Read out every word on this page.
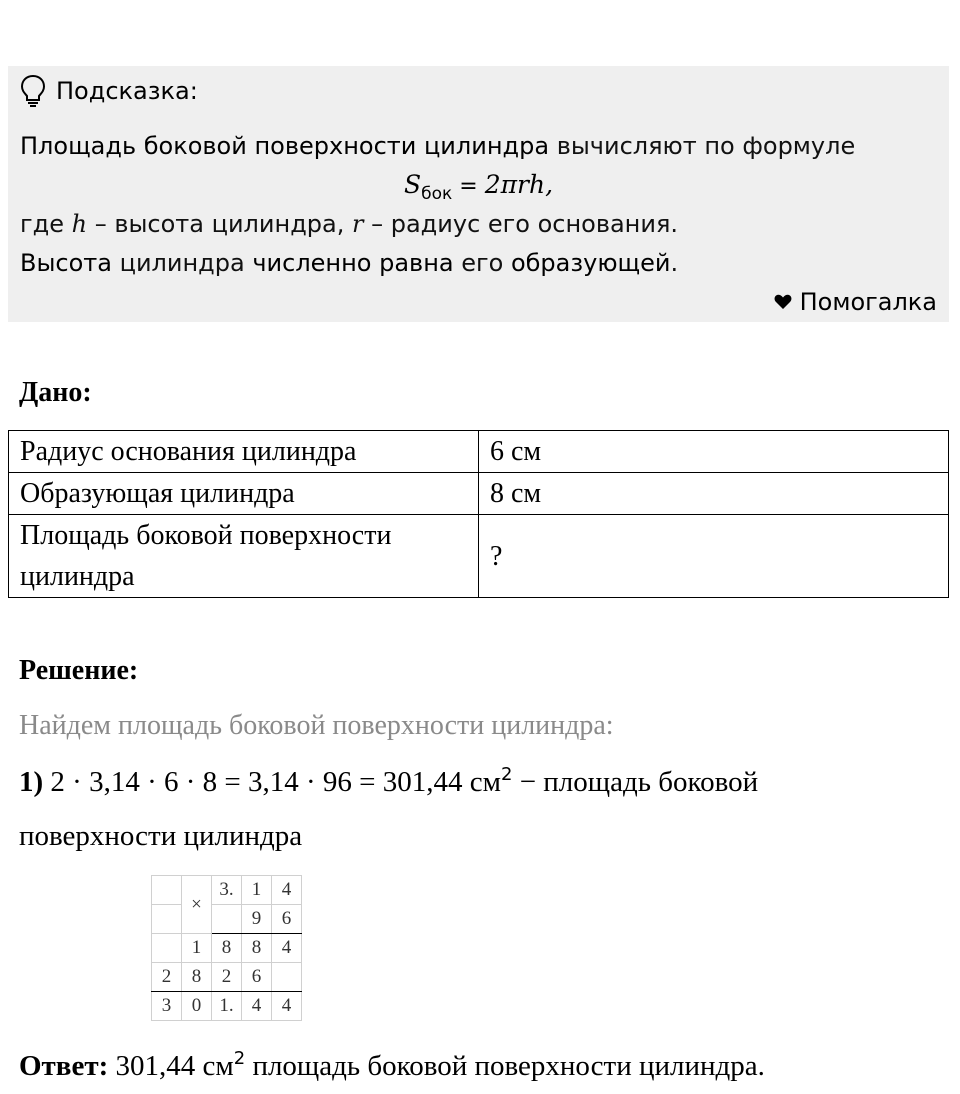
Подсказка:
Площадь боковой поверхности цилиндра вычисляют по формуле
$S_{бок} = 2\pi rh$,
где h – высота цилиндра, r – радиус его основания.
Высота цилиндра численно равна его образующей.
Помогалка
Дано:
Радиус основания цилиндра	6 см
Образующая цилиндра	8 см
Площадь боковой поверхности цилиндра	?
Решение:
Найдем площадь боковой поверхности цилиндра:
1) 2 · 3,14 · 6 · 8 = 3,14 · 96 = 301,44 $см^2$ − площадь боковой
поверхности цилиндра
	×	3.	1	4
			9	6
	1	8	8	4
2	8	2	6	
3	0	1.	4	4
Ответ: 301,44 $см^2$ площадь боковой поверхности цилиндра.
